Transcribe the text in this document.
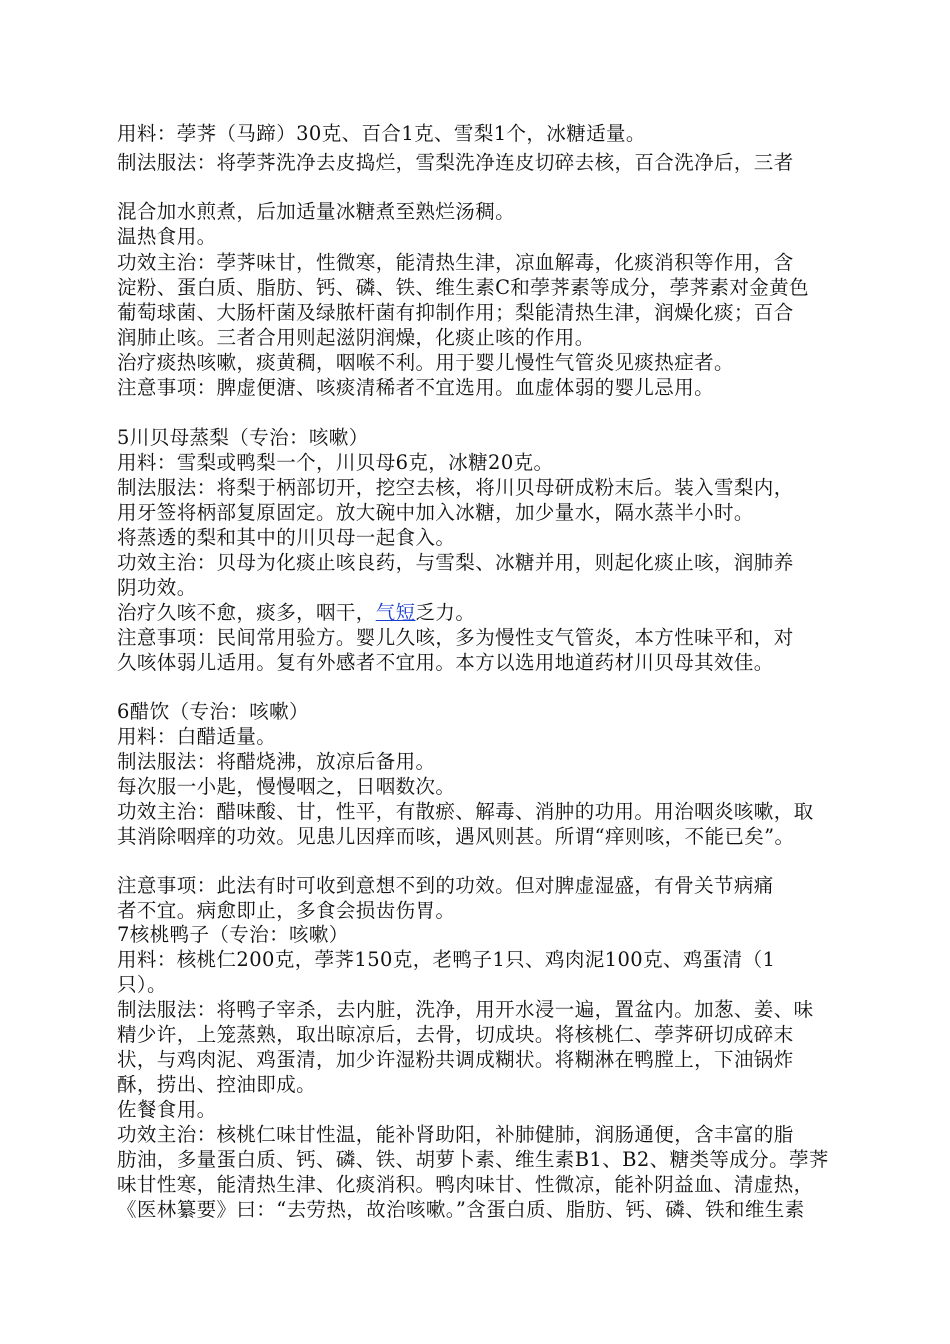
用料：荸荠（马蹄）30克、百合1克、雪梨1个，冰糖适量。

制法服法：将荸荠洗净去皮捣烂，雪梨洗净连皮切碎去核，百合洗净后，三者

混合加水煎煮，后加适量冰糖煮至熟烂汤稠。

温热食用。

功效主治：荸荠味甘，性微寒，能清热生津，凉血解毒，化痰消积等作用，含

淀粉、蛋白质、脂肪、钙、磷、铁、维生素C和荸荠素等成分，荸荠素对金黄色

葡萄球菌、大肠杆菌及绿脓杆菌有抑制作用；梨能清热生津，润燥化痰；百合

润肺止咳。三者合用则起滋阴润燥，化痰止咳的作用。

治疗痰热咳嗽，痰黄稠，咽喉不利。用于婴儿慢性气管炎见痰热症者。

注意事项：脾虚便溏、咳痰清稀者不宜选用。血虚体弱的婴儿忌用。

5川贝母蒸梨（专治：咳嗽）

用料：雪梨或鸭梨一个，川贝母6克，冰糖20克。

制法服法：将梨于柄部切开，挖空去核，将川贝母研成粉末后。装入雪梨内，

用牙签将柄部复原固定。放大碗中加入冰糖，加少量水，隔水蒸半小时。

将蒸透的梨和其中的川贝母一起食入。

功效主治：贝母为化痰止咳良药，与雪梨、冰糖并用，则起化痰止咳，润肺养

阴功效。

治疗久咳不愈，痰多，咽干，气短乏力。

注意事项：民间常用验方。婴儿久咳，多为慢性支气管炎，本方性味平和，对

久咳体弱儿适用。复有外感者不宜用。本方以选用地道药材川贝母其效佳。

6醋饮（专治：咳嗽）

用料：白醋适量。

制法服法：将醋烧沸，放凉后备用。

每次服一小匙，慢慢咽之，日咽数次。

功效主治：醋味酸、甘，性平，有散瘀、解毒、消肿的功用。用治咽炎咳嗽，取

其消除咽痒的功效。见患儿因痒而咳，遇风则甚。所谓“痒则咳，不能已矣”。

注意事项：此法有时可收到意想不到的功效。但对脾虚湿盛，有骨关节病痛

者不宜。病愈即止，多食会损齿伤胃。

7核桃鸭子（专治：咳嗽）

用料：核桃仁200克，荸荠150克，老鸭子1只、鸡肉泥100克、鸡蛋清（1

只）。

制法服法：将鸭子宰杀，去内脏，洗净，用开水浸一遍，置盆内。加葱、姜、味

精少许，上笼蒸熟，取出晾凉后，去骨，切成块。将核桃仁、荸荠研切成碎末

状，与鸡肉泥、鸡蛋清，加少许湿粉共调成糊状。将糊淋在鸭膛上，下油锅炸

酥，捞出、控油即成。

佐餐食用。

功效主治：核桃仁味甘性温，能补肾助阳，补肺健肺，润肠通便，含丰富的脂

肪油，多量蛋白质、钙、磷、铁、胡萝卜素、维生素B1、B2、糖类等成分。荸荠

味甘性寒，能清热生津、化痰消积。鸭肉味甘、性微凉，能补阴益血、清虚热，

《医林纂要》曰：“去劳热，故治咳嗽。”含蛋白质、脂肪、钙、磷、铁和维生素
